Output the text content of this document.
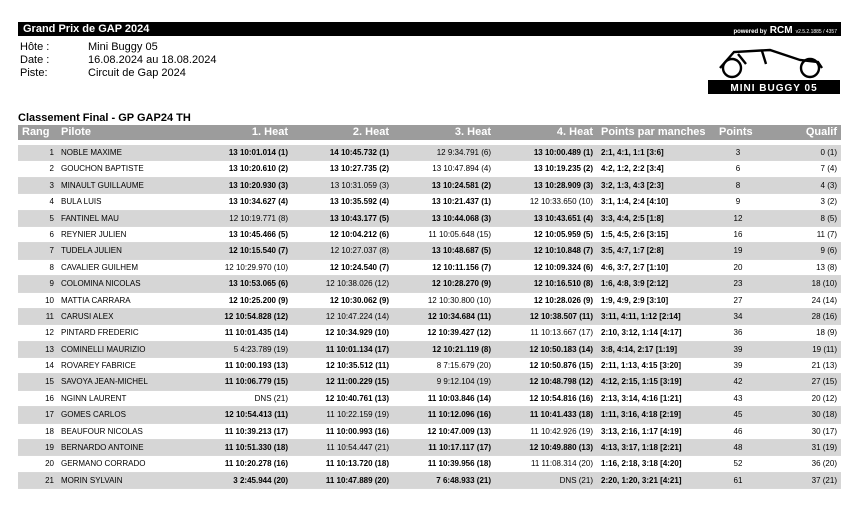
Grand Prix de GAP 2024	powered by RCM v2.5.2.1885 / 4357
Hôte :	Mini Buggy 05
Date :	16.08.2024 au 18.08.2024
Piste:	Circuit de Gap 2024
MINI BUGGY 05
Classement Final - GP GAP24 TH
Rang Pilote	1. Heat	2. Heat	3. Heat	4. Heat Points par manches Points	Qualif
1 NOBLE MAXIME	13 10:01.014 (1)	14 10:45.732 (1)	12 9:34.791 (6)	13 10:00.489 (1) 2:1, 4:1, 1:1 [3:6]	3	0 (1)
2 GOUCHON BAPTISTE	13 10:20.610 (2)	13 10:27.735 (2)	13 10:47.894 (4)	13 10:19.235 (2) 4:2, 1:2, 2:2 [3:4]	6	7 (4)
3 MINAULT GUILLAUME	13 10:20.930 (3)	13 10:31.059 (3)	13 10:24.581 (2)	13 10:28.909 (3) 3:2, 1:3, 4:3 [2:3]	8	4 (3)
4 BULA LUIS	13 10:34.627 (4)	13 10:35.592 (4)	13 10:21.437 (1)	12 10:33.650 (10) 3:1, 1:4, 2:4 [4:10]	9	3 (2)
5 FANTINEL MAU	12 10:19.771 (8)	13 10:43.177 (5)	13 10:44.068 (3)	13 10:43.651 (4) 3:3, 4:4, 2:5 [1:8]	12	8 (5)
6 REYNIER JULIEN	13 10:45.466 (5)	12 10:04.212 (6)	11 10:05.648 (15)	12 10:05.959 (5) 1:5, 4:5, 2:6 [3:15]	16	11 (7)
7 TUDELA JULIEN	12 10:15.540 (7)	12 10:27.037 (8)	13 10:48.687 (5)	12 10:10.848 (7) 3:5, 4:7, 1:7 [2:8]	19	9 (6)
8 CAVALIER GUILHEM	12 10:29.970 (10)	12 10:24.540 (7)	12 10:11.156 (7)	12 10:09.324 (6) 4:6, 3:7, 2:7 [1:10]	20	13 (8)
9 COLOMINA NICOLAS	13 10:53.065 (6)	12 10:38.026 (12)	12 10:28.270 (9)	12 10:16.510 (8) 1:6, 4:8, 3:9 [2:12]	23	18 (10)
10 MATTIA CARRARA	12 10:25.200 (9)	12 10:30.062 (9)	12 10:30.800 (10)	12 10:28.026 (9) 1:9, 4:9, 2:9 [3:10]	27	24 (14)
11 CARUSI ALEX	12 10:54.828 (12)	12 10:47.224 (14)	12 10:34.684 (11)	12 10:38.507 (11) 3:11, 4:11, 1:12 [2:14]	34	28 (16)
12 PINTARD FREDERIC	11 10:01.435 (14)	12 10:34.929 (10)	12 10:39.427 (12)	11 10:13.667 (17) 2:10, 3:12, 1:14 [4:17]	36	18 (9)
13 COMINELLI MAURIZIO	5 4:23.789 (19)	11 10:01.134 (17)	12 10:21.119 (8)	12 10:50.183 (14) 3:8, 4:14, 2:17 [1:19]	39	19 (11)
14 ROVAREY FABRICE	11 10:00.193 (13)	12 10:35.512 (11)	8 7:15.679 (20)	12 10:50.876 (15) 2:11, 1:13, 4:15 [3:20]	39	21 (13)
15 SAVOYA JEAN-MICHEL	11 10:06.779 (15)	12 11:00.229 (15)	9 9:12.104 (19)	12 10:48.798 (12) 4:12, 2:15, 1:15 [3:19]	42	27 (15)
16 NGINN LAURENT	DNS (21)	12 10:40.761 (13)	11 10:03.846 (14)	12 10:54.816 (16) 2:13, 3:14, 4:16 [1:21]	43	20 (12)
17 GOMES CARLOS	12 10:54.413 (11)	11 10:22.159 (19)	11 10:12.096 (16)	11 10:41.433 (18) 1:11, 3:16, 4:18 [2:19]	45	30 (18)
18 BEAUFOUR NICOLAS	11 10:39.213 (17)	11 10:00.993 (16)	12 10:47.009 (13)	11 10:42.926 (19) 3:13, 2:16, 1:17 [4:19]	46	30 (17)
19 BERNARDO ANTOINE	11 10:51.330 (18)	11 10:54.447 (21)	11 10:17.117 (17)	12 10:49.880 (13) 4:13, 3:17, 1:18 [2:21]	48	31 (19)
20 GERMANO CORRADO	11 10:20.278 (16)	11 10:13.720 (18)	11 10:39.956 (18)	11 11:08.314 (20) 1:16, 2:18, 3:18 [4:20]	52	36 (20)
21 MORIN SYLVAIN	3 2:45.944 (20)	11 10:47.889 (20)	7 6:48.933 (21)	DNS (21) 2:20, 1:20, 3:21 [4:21]	61	37 (21)
